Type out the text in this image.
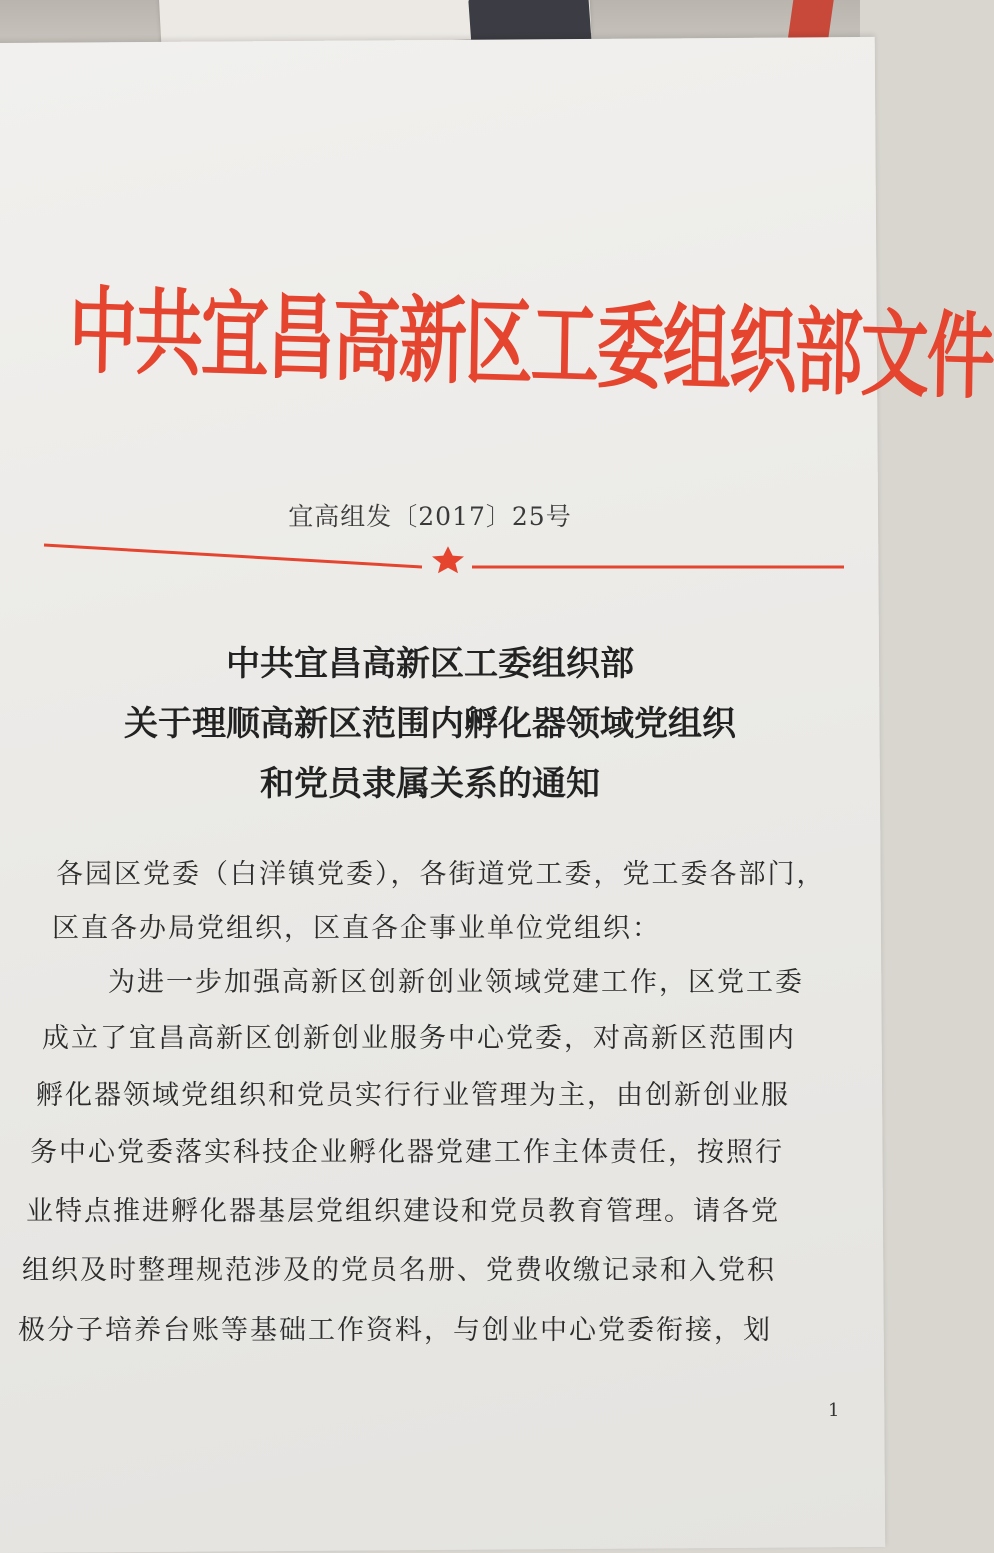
中共宜昌高新区工委组织部文件
宜高组发〔2017〕25号
中共宜昌高新区工委组织部
关于理顺高新区范围内孵化器领域党组织
和党员隶属关系的通知
各园区党委（白洋镇党委），各街道党工委，党工委各部门，
区直各办局党组织，区直各企事业单位党组织：
为进一步加强高新区创新创业领域党建工作，区党工委
成立了宜昌高新区创新创业服务中心党委，对高新区范围内
孵化器领域党组织和党员实行行业管理为主，由创新创业服
务中心党委落实科技企业孵化器党建工作主体责任，按照行
业特点推进孵化器基层党组织建设和党员教育管理。请各党
组织及时整理规范涉及的党员名册、党费收缴记录和入党积
极分子培养台账等基础工作资料，与创业中心党委衔接，划
1
